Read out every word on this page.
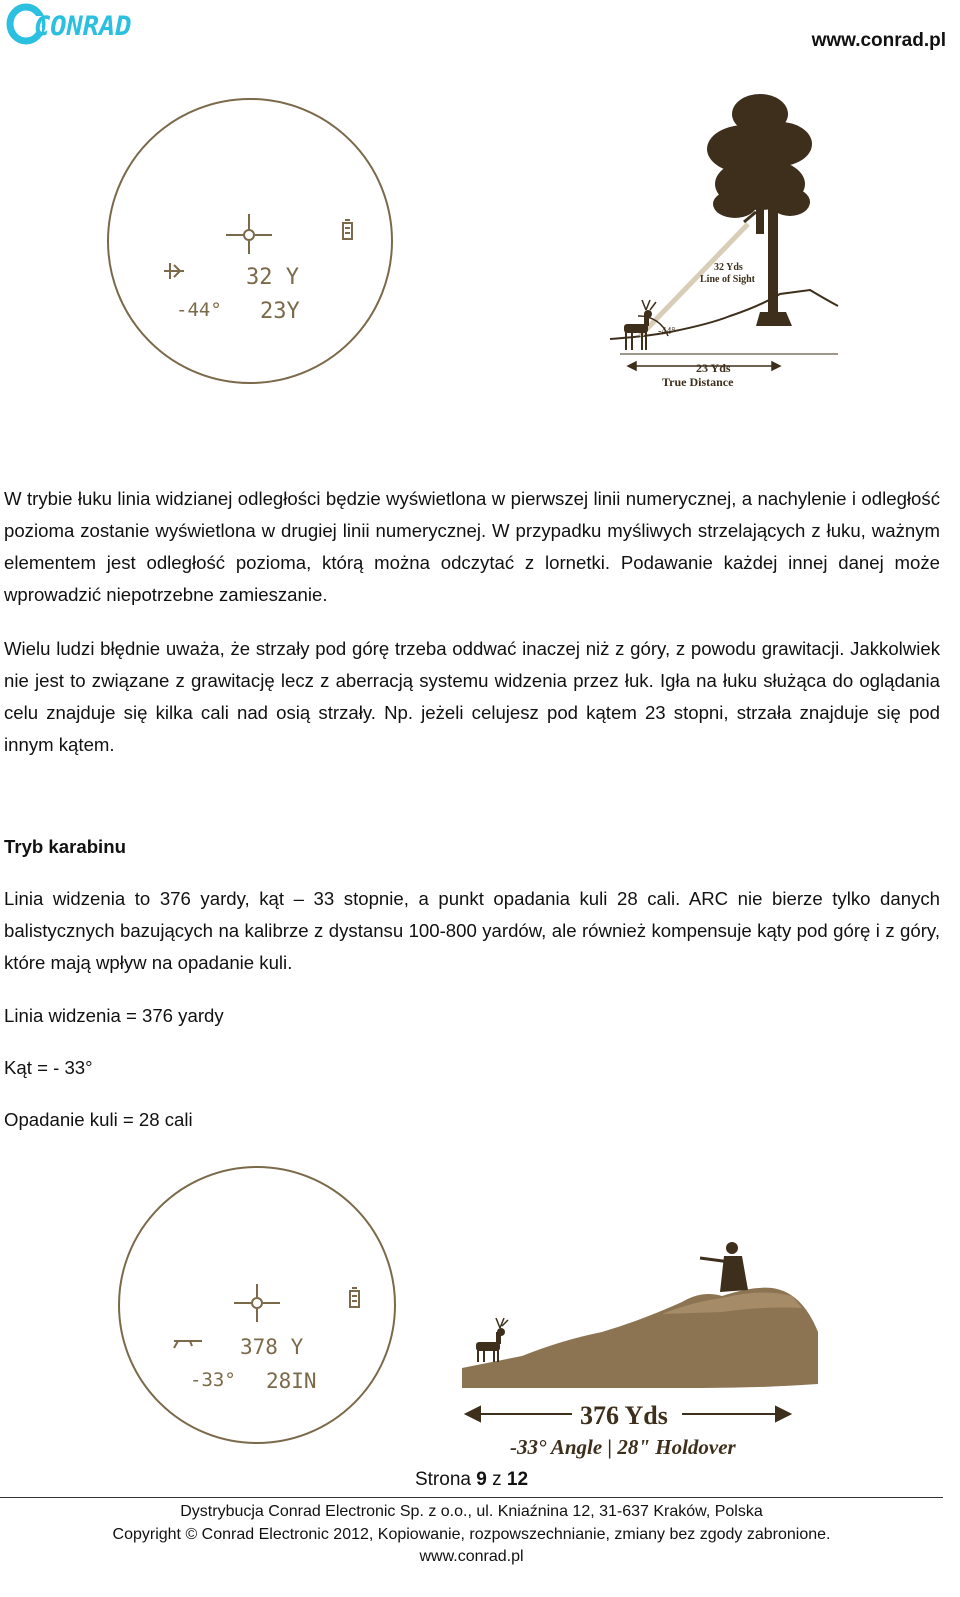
CONRAD	www.conrad.pl
32 Y
-44° 23Y
23 Yds
True Distance
32 Yds
Line of Sight
-44°
W trybie łuku linia widzianej odległości będzie wyświetlona w pierwszej linii numerycznej, a nachylenie i odległość pozioma zostanie wyświetlona w drugiej linii numerycznej. W przypadku myśliwych strzelających z łuku, ważnym elementem jest odległość pozioma, którą można odczytać z lornetki. Podawanie każdej innej danej może wprowadzić niepotrzebne zamieszanie.
Wielu ludzi błędnie uważa, że strzały pod górę trzeba oddwać inaczej niż z góry, z powodu grawitacji. Jakkolwiek nie jest to związane z grawitację lecz z aberracją systemu widzenia przez łuk. Igła na łuku służąca do oglądania celu znajduje się kilka cali nad osią strzały. Np. jeżeli celujesz pod kątem 23 stopni, strzała znajduje się pod innym kątem.
Tryb karabinu
Linia widzenia to 376 yardy, kąt – 33 stopnie, a punkt opadania kuli 28 cali. ARC nie bierze tylko danych balistycznych bazujących na kalibrze z dystansu 100-800 yardów, ale również kompensuje kąty pod górę i z góry, które mają wpływ na opadanie kuli.
Linia widzenia = 376 yardy
Kąt = - 33°
Opadanie kuli = 28 cali
378 Y
-33° 28IN
376 Yds
-33° Angle | 28" Holdover
Strona 9 z 12
Dystrybucja Conrad Electronic Sp. z o.o., ul. Kniaźnina 12, 31-637 Kraków, Polska
Copyright © Conrad Electronic 2012, Kopiowanie, rozpowszechnianie, zmiany bez zgody zabronione.
www.conrad.pl
